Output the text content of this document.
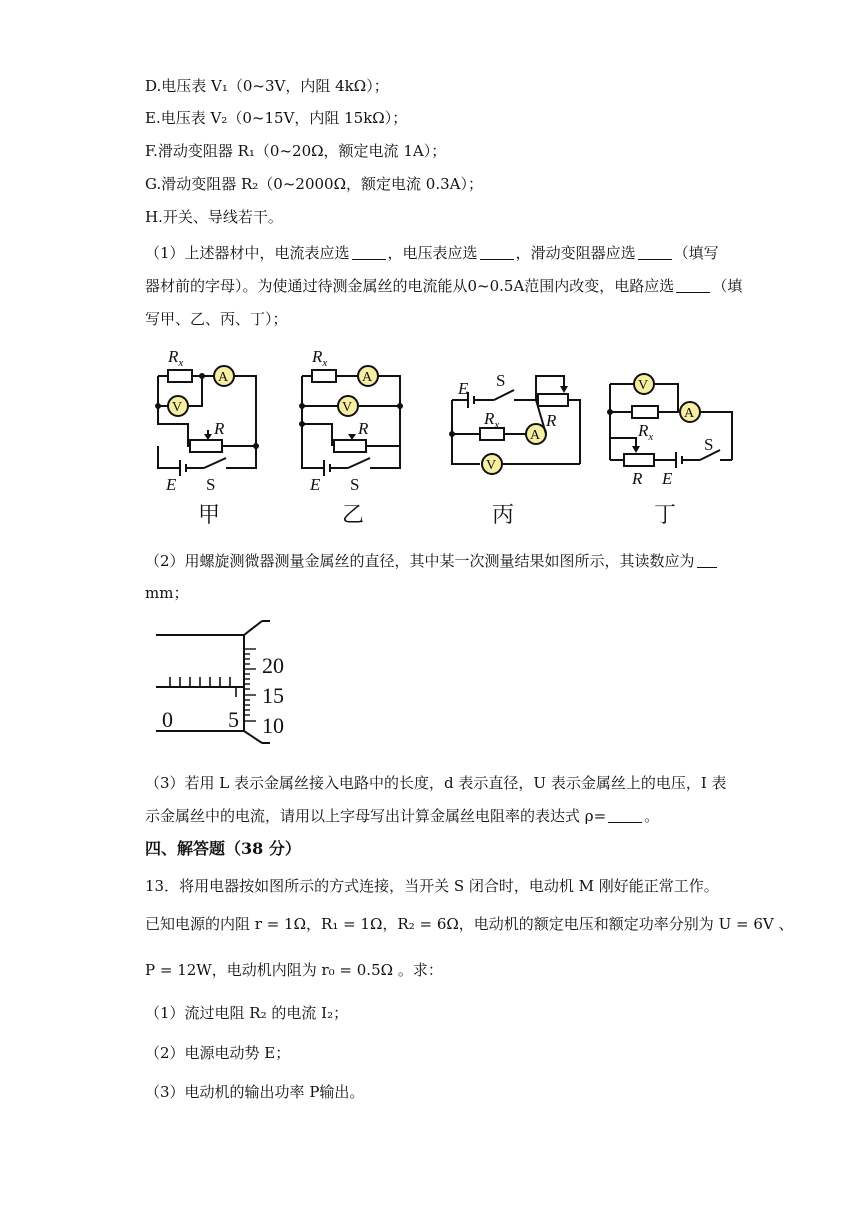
D.电压表 V₁（0~3V，内阻 4kΩ）；
E.电压表 V₂（0~15V，内阻 15kΩ）；
F.滑动变阻器 R₁（0~20Ω，额定电流 1A）；
G.滑动变阻器 R₂（0~2000Ω，额定电流 0.3A）；
H.开关、导线若干。
（1）上述器材中，电流表应选	，电压表应选	，滑动变阻器应选	（填写
器材前的字母）。为使通过待测金属丝的电流能从0~0.5A范围内改变，电路应选	（填
写甲、乙、丙、丁）；
$R_x$
A
V
R
E S
甲
$R_x$
A
V
R
E S
乙
E S
$R_x$
A
R
V
丙
V
A
$R_x$	S
R E
丁
（2）用螺旋测微器测量金属丝的直径，其中某一次测量结果如图所示，其读数应为
mm；
0	5
20
15
10
（3）若用 L 表示金属丝接入电路中的长度，d 表示直径，U 表示金属丝上的电压，I 表
示金属丝中的电流，请用以上字母写出计算金属丝电阻率的表达式 ρ=	。
四、解答题（38 分）
13．将用电器按如图所示的方式连接，当开关 S 闭合时，电动机 M 刚好能正常工作。
已知电源的内阻 r = 1Ω，R₁ = 1Ω，R₂ = 6Ω，电动机的额定电压和额定功率分别为 U = 6V 、
P = 12W，电动机内阻为 r₀ = 0.5Ω 。求：
（1）流过电阻 R₂ 的电流 I₂；
（2）电源电动势 E；
（3）电动机的输出功率 P输出。
